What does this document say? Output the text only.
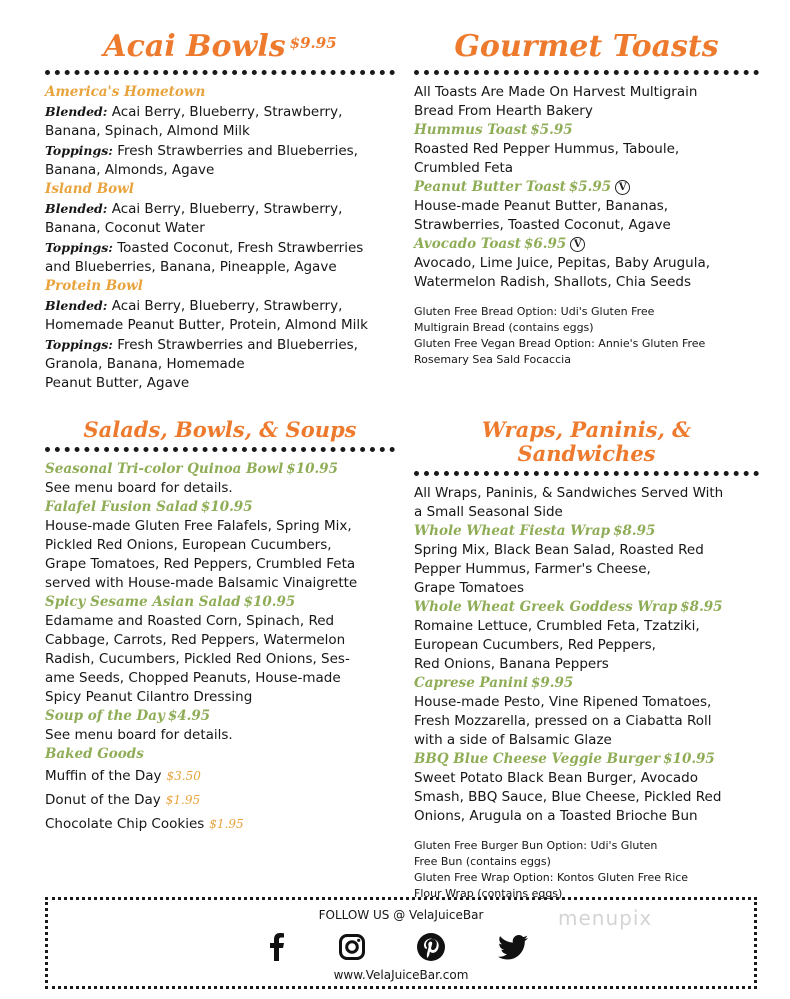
Acai Bowls $^{\$9.95}$

America's Hometown

Blended: Acai Berry, Blueberry, Strawberry,

Banana, Spinach, Almond Milk

Toppings: Fresh Strawberries and Blueberries,

Banana, Almonds, Agave

Island Bowl

Blended: Acai Berry, Blueberry, Strawberry,

Banana, Coconut Water

Toppings: Toasted Coconut, Fresh Strawberries

and Blueberries, Banana, Pineapple, Agave

Protein Bowl

Blended: Acai Berry, Blueberry, Strawberry,

Homemade Peanut Butter, Protein, Almond Milk

Toppings: Fresh Strawberries and Blueberries,

Granola, Banana, Homemade

Peanut Butter, Agave

Gourmet Toasts

All Toasts Are Made On Harvest Multigrain

Bread From Hearth Bakery

Hummus Toast $5.95

Roasted Red Pepper Hummus, Taboule,

Crumbled Feta

Peanut Butter Toast $5.95 V

House-made Peanut Butter, Bananas,

Strawberries, Toasted Coconut, Agave

Avocado Toast $6.95 V

Avocado, Lime Juice, Pepitas, Baby Arugula,

Watermelon Radish, Shallots, Chia Seeds

Gluten Free Bread Option: Udi's Gluten Free

Multigrain Bread (contains eggs)

Gluten Free Vegan Bread Option: Annie's Gluten Free

Rosemary Sea Sald Focaccia

Salads, Bowls, & Soups

Seasonal Tri-color Quinoa Bowl $10.95

See menu board for details.

Falafel Fusion Salad $10.95

House-made Gluten Free Falafels, Spring Mix,

Pickled Red Onions, European Cucumbers,

Grape Tomatoes, Red Peppers, Crumbled Feta

served with House-made Balsamic Vinaigrette

Spicy Sesame Asian Salad $10.95

Edamame and Roasted Corn, Spinach, Red

Cabbage, Carrots, Red Peppers, Watermelon

Radish, Cucumbers, Pickled Red Onions, Ses-

ame Seeds, Chopped Peanuts, House-made

Spicy Peanut Cilantro Dressing

Soup of the Day $4.95

See menu board for details.

Baked Goods

Muffin of the Day $3.50

Donut of the Day $1.95

Chocolate Chip Cookies $1.95

Wraps, Paninis, & Sandwiches

All Wraps, Paninis, & Sandwiches Served With

a Small Seasonal Side

Whole Wheat Fiesta Wrap $8.95

Spring Mix, Black Bean Salad, Roasted Red

Pepper Hummus, Farmer's Cheese,

Grape Tomatoes

Whole Wheat Greek Goddess Wrap $8.95

Romaine Lettuce, Crumbled Feta, Tzatziki,

European Cucumbers, Red Peppers,

Red Onions, Banana Peppers

Caprese Panini $9.95

House-made Pesto, Vine Ripened Tomatoes,

Fresh Mozzarella, pressed on a Ciabatta Roll

with a side of Balsamic Glaze

BBQ Blue Cheese Veggie Burger $10.95

Sweet Potato Black Bean Burger, Avocado

Smash, BBQ Sauce, Blue Cheese, Pickled Red

Onions, Arugula on a Toasted Brioche Bun

Gluten Free Burger Bun Option: Udi's Gluten

Free Bun (contains eggs)

Gluten Free Wrap Option: Kontos Gluten Free Rice

Flour Wrap (contains eggs)

FOLLOW US @ VelaJuiceBar	menupix
www.VelaJuiceBar.com
